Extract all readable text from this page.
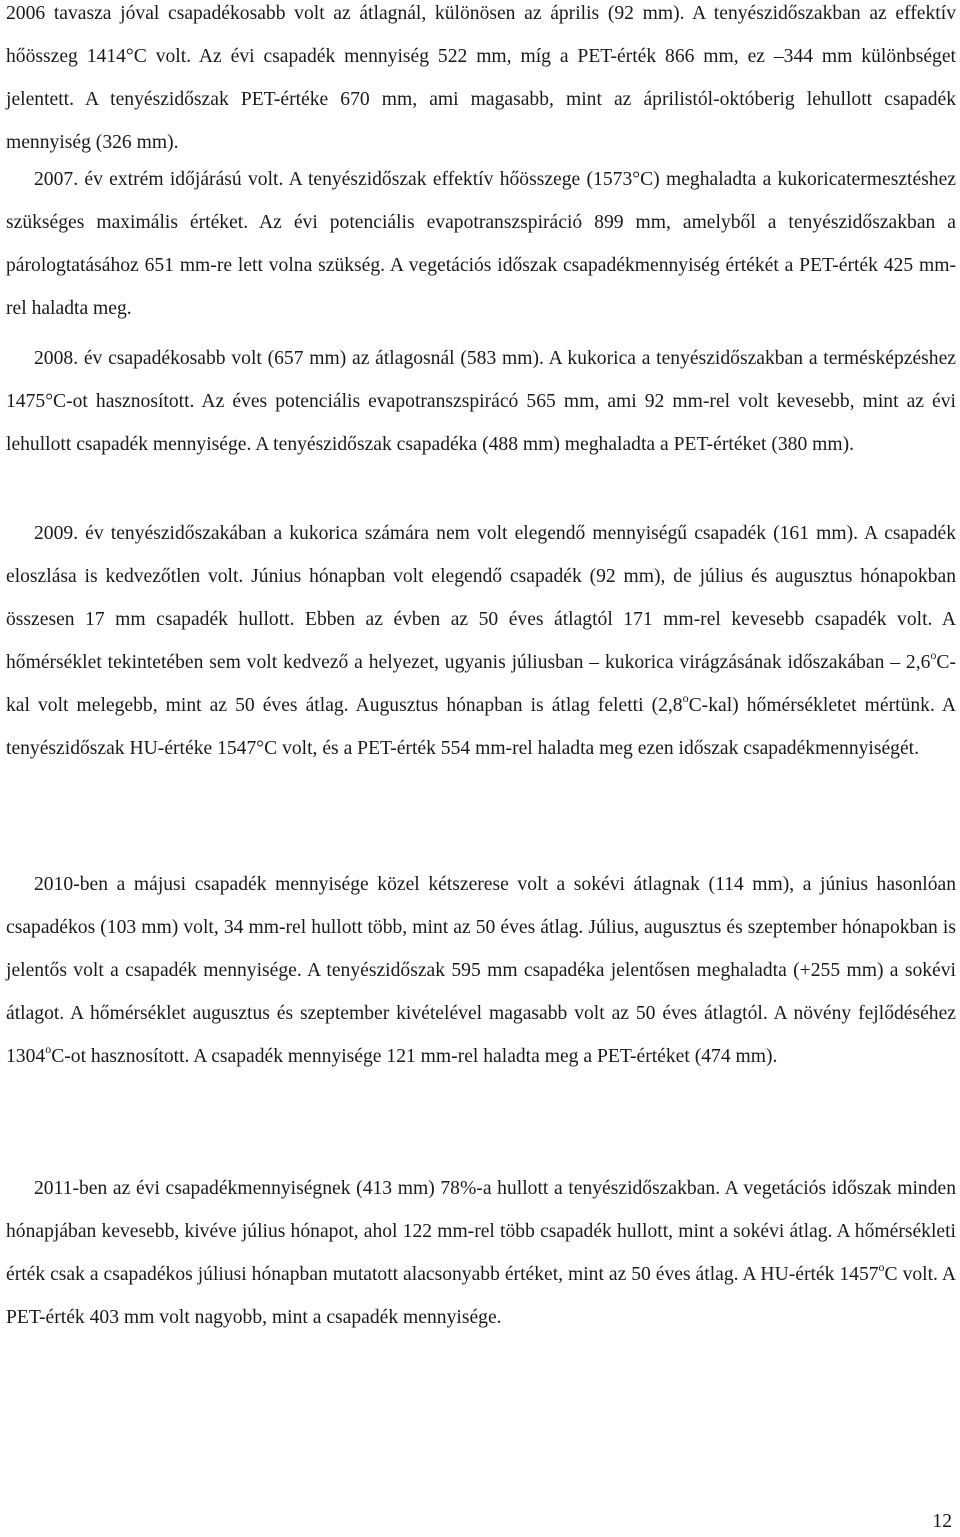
2006 tavasza jóval csapadékosabb volt az átlagnál, különösen az április (92 mm). A tenyészidőszakban az effektív hőösszeg 1414°C volt. Az évi csapadék mennyiség 522 mm, míg a PET-érték 866 mm, ez –344 mm különbséget jelentett. A tenyészidőszak PET-értéke 670 mm, ami magasabb, mint az áprilistól-októberig lehullott csapadék mennyiség (326 mm).

2007. év extrém időjárású volt. A tenyészidőszak effektív hőösszege (1573°C) meghaladta a kukoricatermesztéshez szükséges maximális értéket. Az évi potenciális evapotranszspiráció 899 mm, amelyből a tenyészidőszakban a párologtatásához 651 mm-re lett volna szükség. A vegetációs időszak csapadékmennyiség értékét a PET-érték 425 mm-rel haladta meg.

2008. év csapadékosabb volt (657 mm) az átlagosnál (583 mm). A kukorica a tenyészidőszakban a termésképzéshez 1475°C-ot hasznosított. Az éves potenciális evapotranszspirácó 565 mm, ami 92 mm-rel volt kevesebb, mint az évi lehullott csapadék mennyisége. A tenyészidőszak csapadéka (488 mm) meghaladta a PET-értéket (380 mm).

2009. év tenyészidőszakában a kukorica számára nem volt elegendő mennyiségű csapadék (161 mm). A csapadék eloszlása is kedvezőtlen volt. Június hónapban volt elegendő csapadék (92 mm), de július és augusztus hónapokban összesen 17 mm csapadék hullott. Ebben az évben az 50 éves átlagtól 171 mm-rel kevesebb csapadék volt. A hőmérséklet tekintetében sem volt kedvező a helyezet, ugyanis júliusban – kukorica virágzásának időszakában – 2,6$^o$C-kal volt melegebb, mint az 50 éves átlag. Augusztus hónapban is átlag feletti (2,8$^o$C-kal) hőmérsékletet mértünk. A tenyészidőszak HU-értéke 1547°C volt, és a PET-érték 554 mm-rel haladta meg ezen időszak csapadékmennyiségét.

2010-ben a májusi csapadék mennyisége közel kétszerese volt a sokévi átlagnak (114 mm), a június hasonlóan csapadékos (103 mm) volt, 34 mm-rel hullott több, mint az 50 éves átlag. Július, augusztus és szeptember hónapokban is jelentős volt a csapadék mennyisége. A tenyészidőszak 595 mm csapadéka jelentősen meghaladta (+255 mm) a sokévi átlagot. A hőmérséklet augusztus és szeptember kivételével magasabb volt az 50 éves átlagtól. A növény fejlődéséhez 1304$^o$C-ot hasznosított. A csapadék mennyisége 121 mm-rel haladta meg a PET-értéket (474 mm).

2011-ben az évi csapadékmennyiségnek (413 mm) 78%-a hullott a tenyészidőszakban. A vegetációs időszak minden hónapjában kevesebb, kivéve július hónapot, ahol 122 mm-rel több csapadék hullott, mint a sokévi átlag. A hőmérsékleti érték csak a csapadékos júliusi hónapban mutatott alacsonyabb értéket, mint az 50 éves átlag. A HU-érték 1457$^o$C volt. A PET-érték 403 mm volt nagyobb, mint a csapadék mennyisége.

12
